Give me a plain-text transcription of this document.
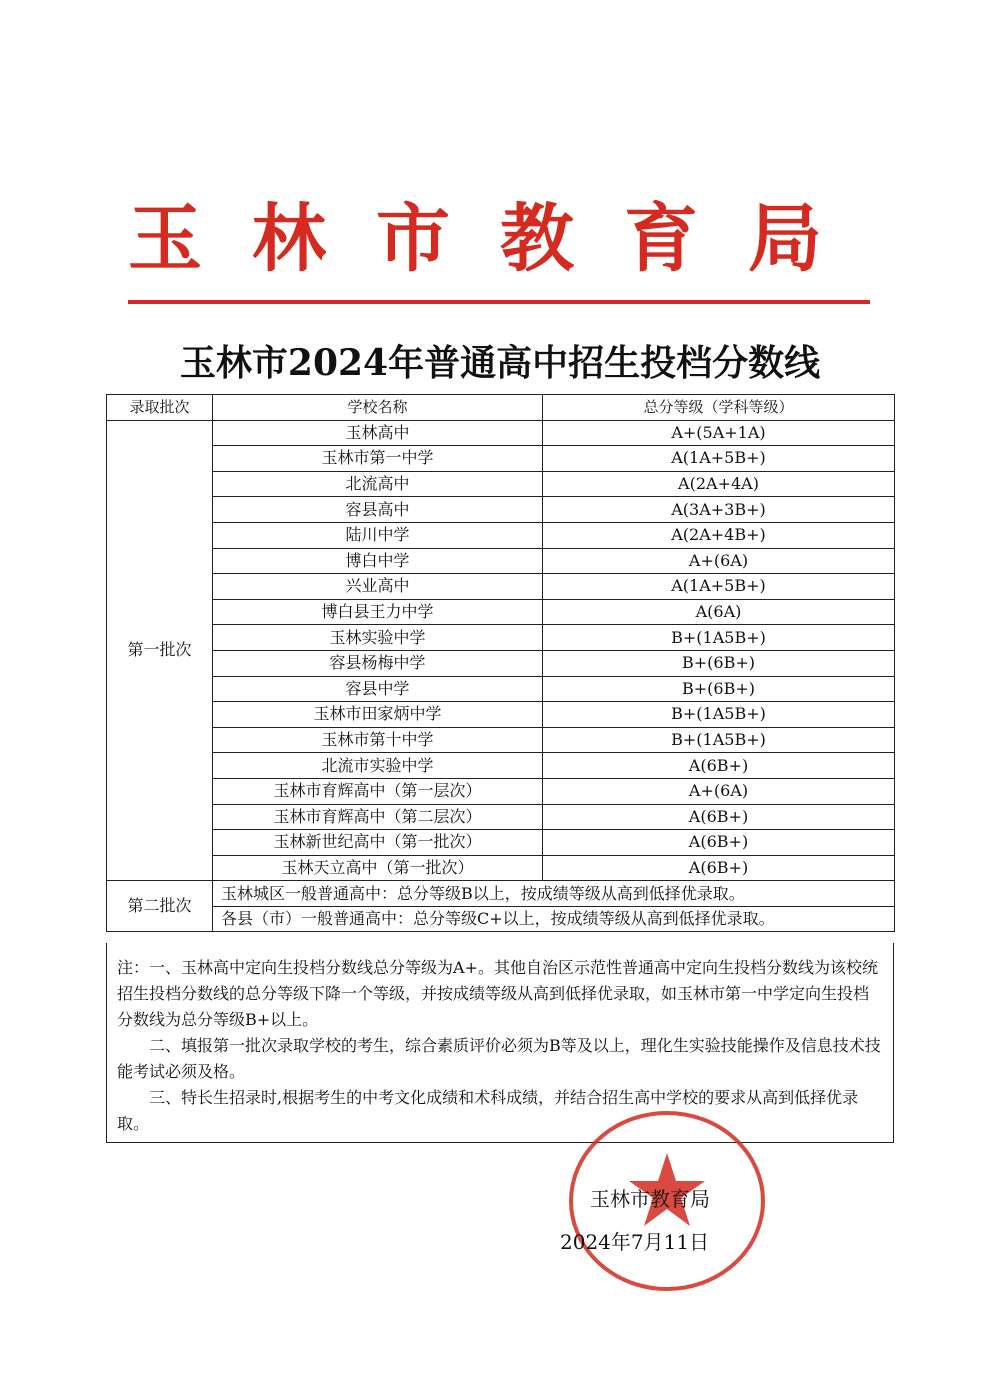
玉林市教育局
玉林市2024年普通高中招生投档分数线
录取批次	学校名称	总分等级（学科等级）
第一批次	玉林高中	A+(5A+1A)
	玉林市第一中学	A(1A+5B+)
	北流高中	A(2A+4A)
	容县高中	A(3A+3B+)
	陆川中学	A(2A+4B+)
	博白中学	A+(6A)
	兴业高中	A(1A+5B+)
	博白县王力中学	A(6A)
	玉林实验中学	B+(1A5B+)
	容县杨梅中学	B+(6B+)
	容县中学	B+(6B+)
	玉林市田家炳中学	B+(1A5B+)
	玉林市第十中学	B+(1A5B+)
	北流市实验中学	A(6B+)
	玉林市育辉高中（第一层次）	A+(6A)
	玉林市育辉高中（第二层次）	A(6B+)
	玉林新世纪高中（第一批次）	A(6B+)
	玉林天立高中（第一批次）	A(6B+)
第二批次	玉林城区一般普通高中：总分等级B以上，按成绩等级从高到低择优录取。	
	各县（市）一般普通高中：总分等级C+以上，按成绩等级从高到低择优录取。	

注：一、玉林高中定向生投档分数线总分等级为A+。其他自治区示范性普通高中定向生投档分数线为该校统招生投档分数线的总分等级下降一个等级，并按成绩等级从高到低择优录取，如玉林市第一中学定向生投档分数线为总分等级B+以上。

二、填报第一批次录取学校的考生，综合素质评价必须为B等及以上，理化生实验技能操作及信息技术技能考试必须及格。

三、特长生招录时,根据考生的中考文化成绩和术科成绩，并结合招生高中学校的要求从高到低择优录取。

玉林市教育局
2024年7月11日
